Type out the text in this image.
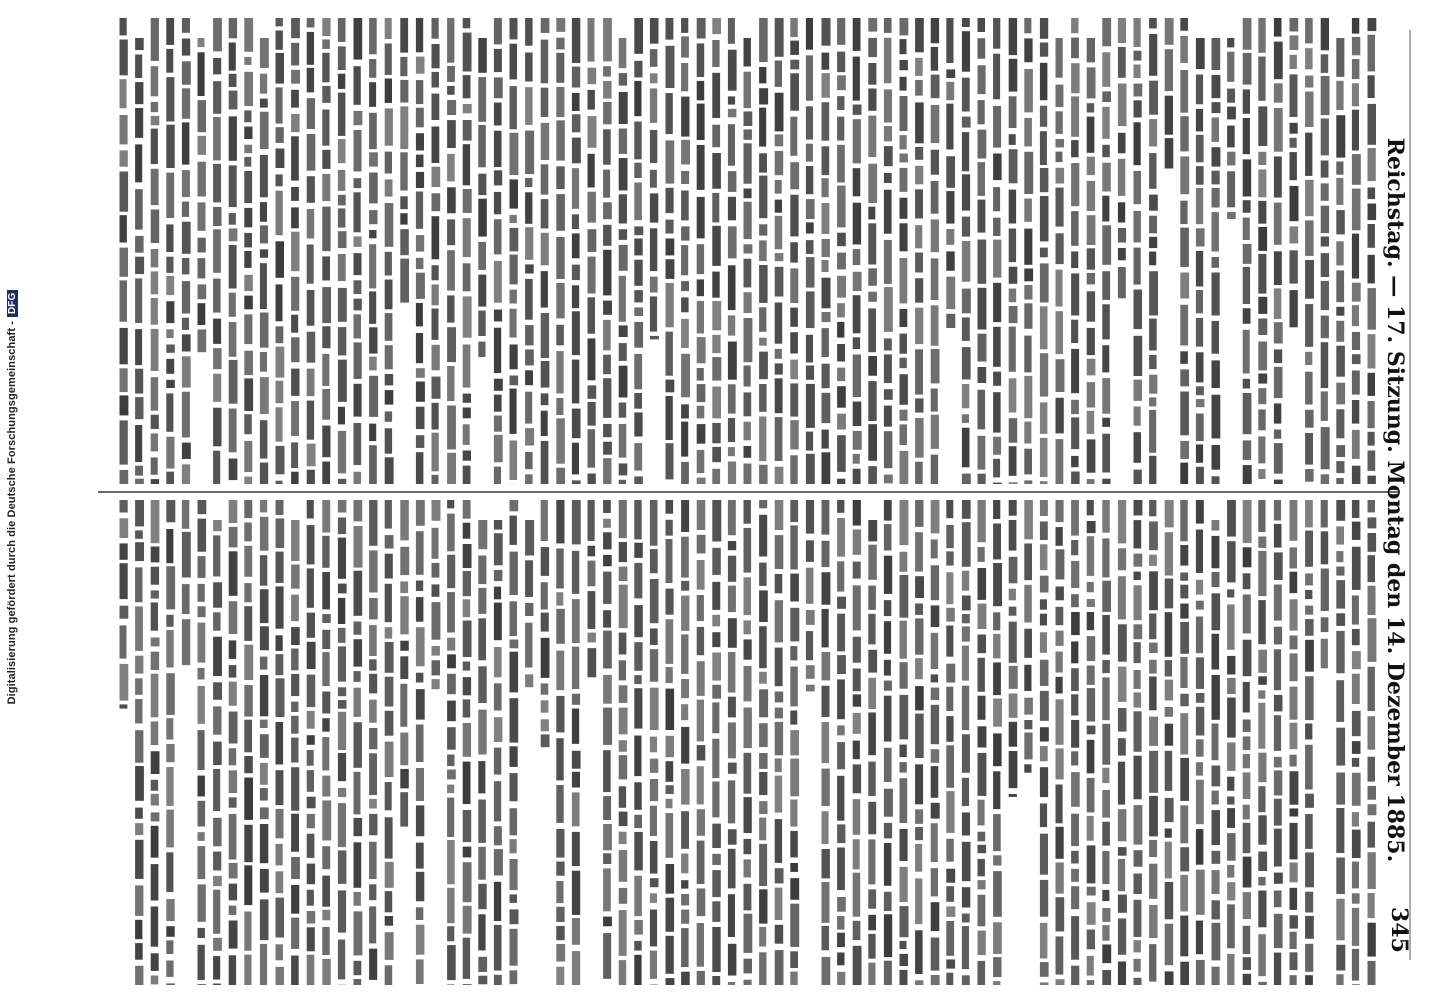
Reichstag. — 17. Sitzung. Montag den 14. Dezember 1885.
345
Digitalisierung gefördert durch die Deutsche Forschungsgemeinschaft -DFG
